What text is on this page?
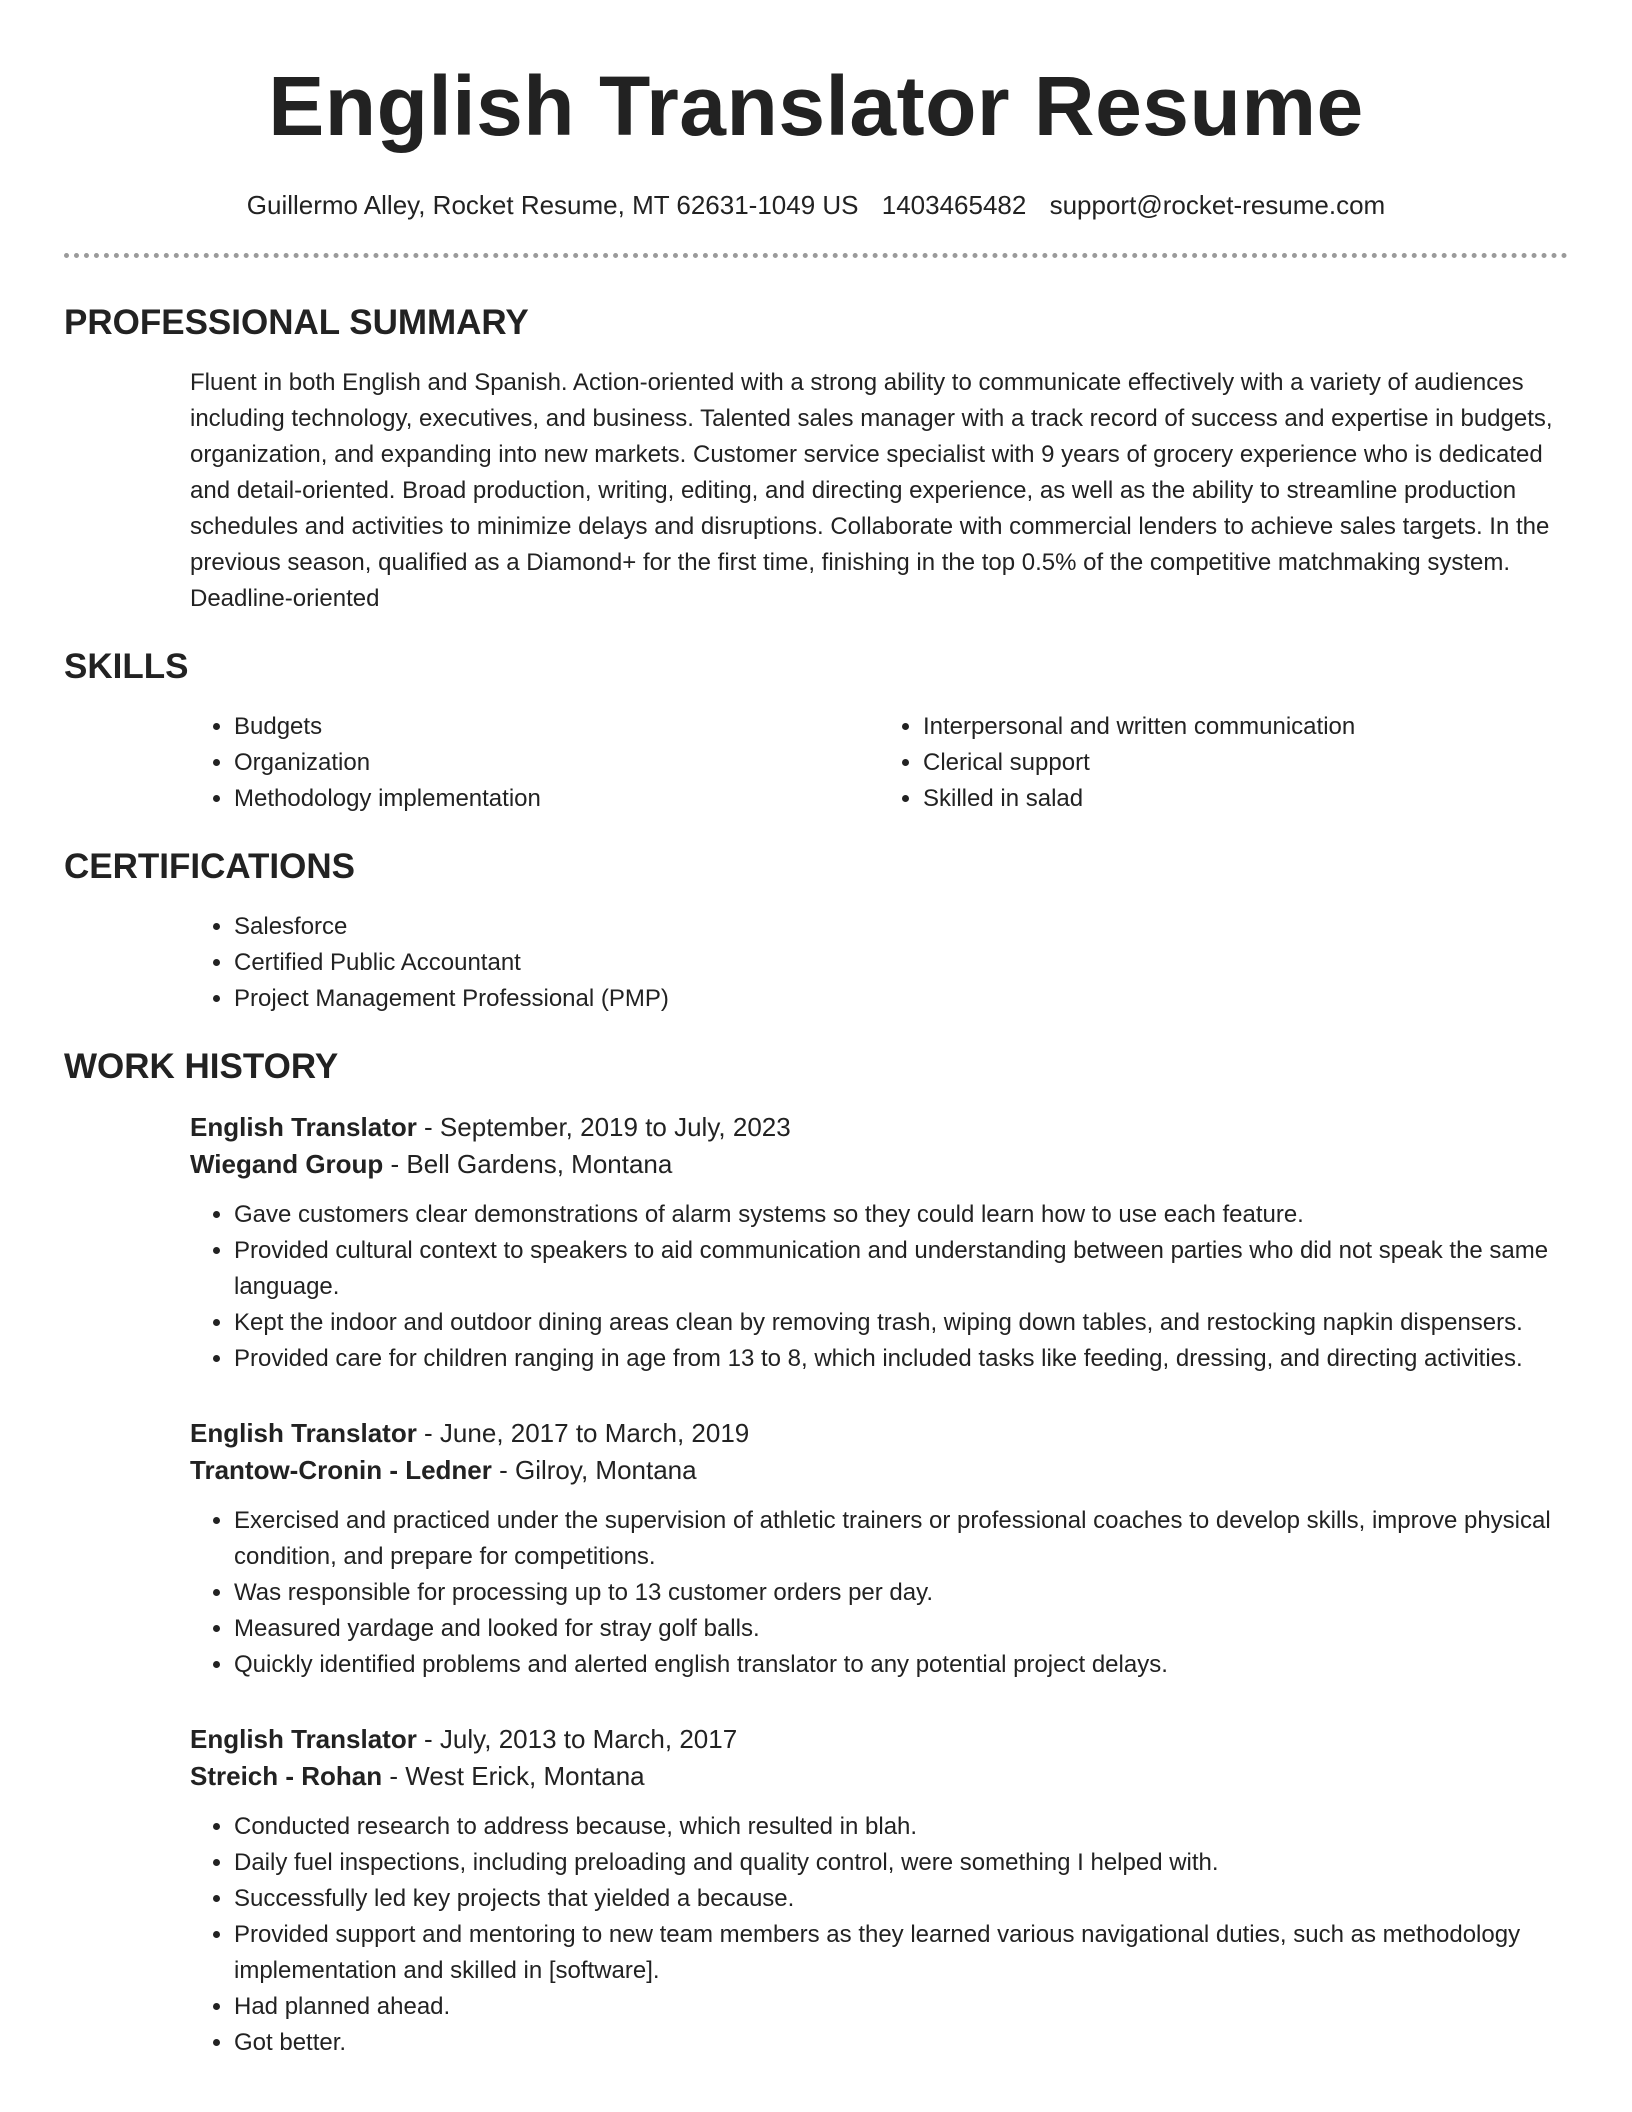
English Translator Resume
Guillermo Alley, Rocket Resume, MT 62631-1049 US 1403465482 support@rocket-resume.com
PROFESSIONAL SUMMARY

Fluent in both English and Spanish. Action-oriented with a strong ability to communicate effectively with a variety of audiences including technology, executives, and business. Talented sales manager with a track record of success and expertise in budgets, organization, and expanding into new markets. Customer service specialist with 9 years of grocery experience who is dedicated and detail-oriented. Broad production, writing, editing, and directing experience, as well as the ability to streamline production schedules and activities to minimize delays and disruptions. Collaborate with commercial lenders to achieve sales targets. In the previous season, qualified as a Diamond+ for the first time, finishing in the top 0.5% of the competitive matchmaking system. Deadline-oriented

SKILLS
• Budgets
• Organization
• Methodology implementation
• Interpersonal and written communication
• Clerical support
• Skilled in salad
CERTIFICATIONS
• Salesforce
• Certified Public Accountant
• Project Management Professional (PMP)
WORK HISTORY
English Translator - September, 2019 to July, 2023
Wiegand Group - Bell Gardens, Montana
• Gave customers clear demonstrations of alarm systems so they could learn how to use each feature.
• Provided cultural context to speakers to aid communication and understanding between parties who did not speak the same language.
• Kept the indoor and outdoor dining areas clean by removing trash, wiping down tables, and restocking napkin dispensers.
• Provided care for children ranging in age from 13 to 8, which included tasks like feeding, dressing, and directing activities.
English Translator - June, 2017 to March, 2019
Trantow-Cronin - Ledner - Gilroy, Montana
• Exercised and practiced under the supervision of athletic trainers or professional coaches to develop skills, improve physical condition, and prepare for competitions.
• Was responsible for processing up to 13 customer orders per day.
• Measured yardage and looked for stray golf balls.
• Quickly identified problems and alerted english translator to any potential project delays.
English Translator - July, 2013 to March, 2017
Streich - Rohan - West Erick, Montana
• Conducted research to address because, which resulted in blah.
• Daily fuel inspections, including preloading and quality control, were something I helped with.
• Successfully led key projects that yielded a because.
• Provided support and mentoring to new team members as they learned various navigational duties, such as methodology implementation and skilled in [software].
• Had planned ahead.
• Got better.
